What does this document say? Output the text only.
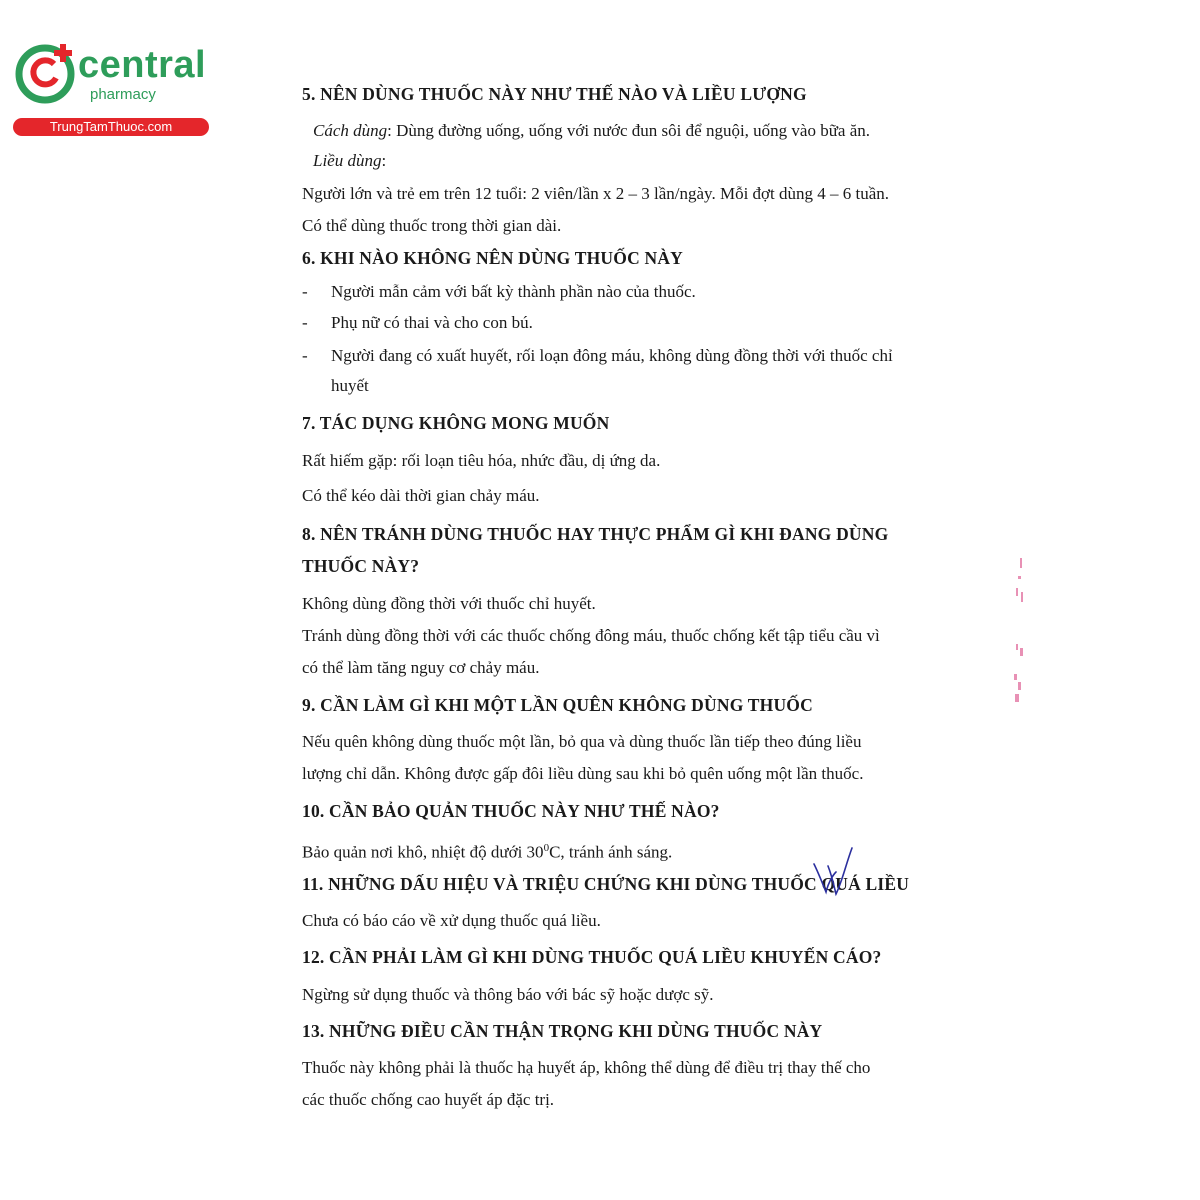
central
pharmacy
TrungTamThuoc.com
5. NÊN DÙNG THUỐC NÀY NHƯ THẾ NÀO VÀ LIỀU LƯỢNG
Cách dùng: Dùng đường uống, uống với nước đun sôi để nguội, uống vào bữa ăn.
Liều dùng:
Người lớn và trẻ em trên 12 tuổi: 2 viên/lần x 2 – 3 lần/ngày. Mỗi đợt dùng 4 – 6 tuần.
Có thể dùng thuốc trong thời gian dài.
6. KHI NÀO KHÔNG NÊN DÙNG THUỐC NÀY
- Người mẫn cảm với bất kỳ thành phần nào của thuốc.
- Phụ nữ có thai và cho con bú.
- Người đang có xuất huyết, rối loạn đông máu, không dùng đồng thời với thuốc chỉ
huyết
7. TÁC DỤNG KHÔNG MONG MUỐN
Rất hiếm gặp: rối loạn tiêu hóa, nhức đầu, dị ứng da.
Có thể kéo dài thời gian chảy máu.
8. NÊN TRÁNH DÙNG THUỐC HAY THỰC PHẨM GÌ KHI ĐANG DÙNG
THUỐC NÀY?
Không dùng đồng thời với thuốc chỉ huyết.
Tránh dùng đồng thời với các thuốc chống đông máu, thuốc chống kết tập tiểu cầu vì
có thể làm tăng nguy cơ chảy máu.
9. CẦN LÀM GÌ KHI MỘT LẦN QUÊN KHÔNG DÙNG THUỐC
Nếu quên không dùng thuốc một lần, bỏ qua và dùng thuốc lần tiếp theo đúng liều
lượng chỉ dẫn. Không được gấp đôi liều dùng sau khi bỏ quên uống một lần thuốc.
10. CẦN BẢO QUẢN THUỐC NÀY NHƯ THẾ NÀO?
Bảo quản nơi khô, nhiệt độ dưới $30^0C$, tránh ánh sáng.
11. NHỮNG DẤU HIỆU VÀ TRIỆU CHỨNG KHI DÙNG THUỐC QUÁ LIỀU
Chưa có báo cáo về xử dụng thuốc quá liều.
12. CẦN PHẢI LÀM GÌ KHI DÙNG THUỐC QUÁ LIỀU KHUYẾN CÁO?
Ngừng sử dụng thuốc và thông báo với bác sỹ hoặc dược sỹ.
13. NHỮNG ĐIỀU CẦN THẬN TRỌNG KHI DÙNG THUỐC NÀY
Thuốc này không phải là thuốc hạ huyết áp, không thể dùng để điều trị thay thế cho
các thuốc chống cao huyết áp đặc trị.
